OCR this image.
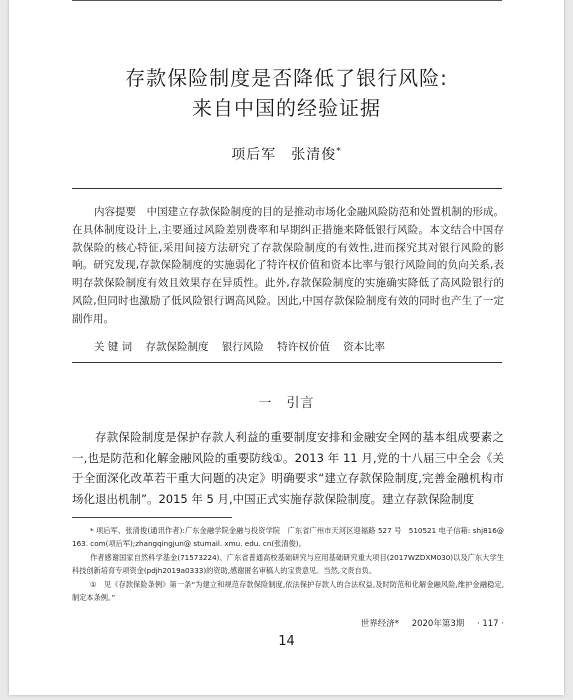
存款保险制度是否降低了银行风险:
来自中国的经验证据
项后军　张清俊*

内容提要　 中国建立存款保险制度的目的是推动市场化金融风险防范和处置机制的形成。在具体制度设计上,主要通过风险差别费率和早期纠正措施来降低银行风险。本文结合中国存款保险的核心特征,采用间接方法研究了存款保险制度的有效性,进而探究其对银行风险的影响。研究发现,存款保险制度的实施弱化了特许权价值和资本比率与银行风险间的负向关系,表明存款保险制度有效且效果存在异质性。此外,存款保险制度的实施确实降低了高风险银行的风险,但同时也激励了低风险银行调高风险。因此,中国存款保险制度有效的同时也产生了一定副作用。

关 键 词 存款保险制度 银行风险 特许权价值 资本比率
一　引言

存款保险制度是保护存款人利益的重要制度安排和金融安全网的基本组成要素之一,也是防范和化解金融风险的重要防线①。2013 年 11 月,党的十八届三中全会《关于全面深化改革若干重大问题的决定》明确要求“建立存款保险制度,完善金融机构市场化退出机制”。2015 年 5 月,中国正式实施存款保险制度。建立存款保险制度

* 项后军、张清俊(通讯作者):广东金融学院金融与投资学院　广东省广州市天河区迎福路 527 号　510521 电子信箱: shj816@ 163. com(项后军);zhangqingjun@ stumail. xmu. edu. cn(张清俊)。

作者感谢国家自然科学基金(71573224)、广东省普通高校基础研究与应用基础研究重大项目(2017WZDXM030)以及广东大学生科技创新培育专项资金(pdjh2019a0333)的资助,感谢匿名审稿人的宝贵意见。当然,文责自负。

①　见《存款保险条例》第一条“为建立和规范存款保险制度,依法保护存款人的合法权益,及时防范和化解金融风险,维护金融稳定,制定本条例。”

世界经济* 2020年第3期 · 117 ·
14
